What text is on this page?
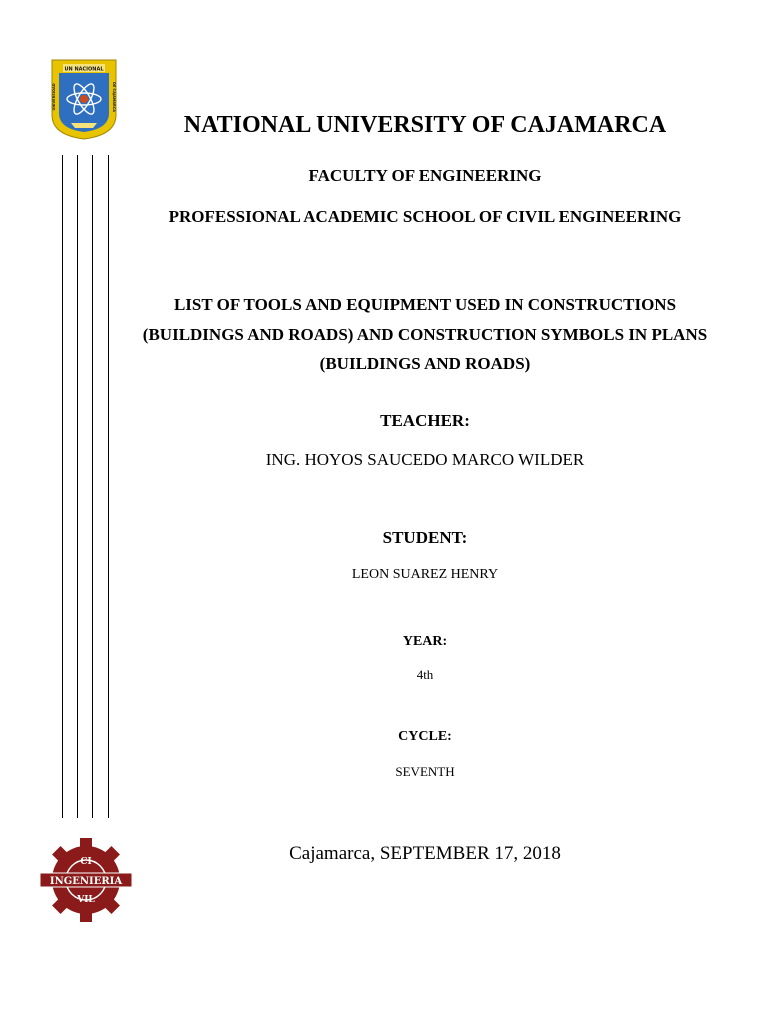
UN NACIONAL
UNIVERSIDAD	DE CAJAMARCA
NATIONAL UNIVERSITY OF CAJAMARCA
FACULTY OF ENGINEERING
PROFESSIONAL ACADEMIC SCHOOL OF CIVIL ENGINEERING
LIST OF TOOLS AND EQUIPMENT USED IN CONSTRUCTIONS (BUILDINGS AND ROADS) AND CONSTRUCTION SYMBOLS IN PLANS (BUILDINGS AND ROADS)
TEACHER:
ING. HOYOS SAUCEDO MARCO WILDER
STUDENT:
LEON SUAREZ HENRY
YEAR:
4th
CYCLE:
SEVENTH
Cajamarca, SEPTEMBER 17, 2018
INGENIERIA
CI
VIL
